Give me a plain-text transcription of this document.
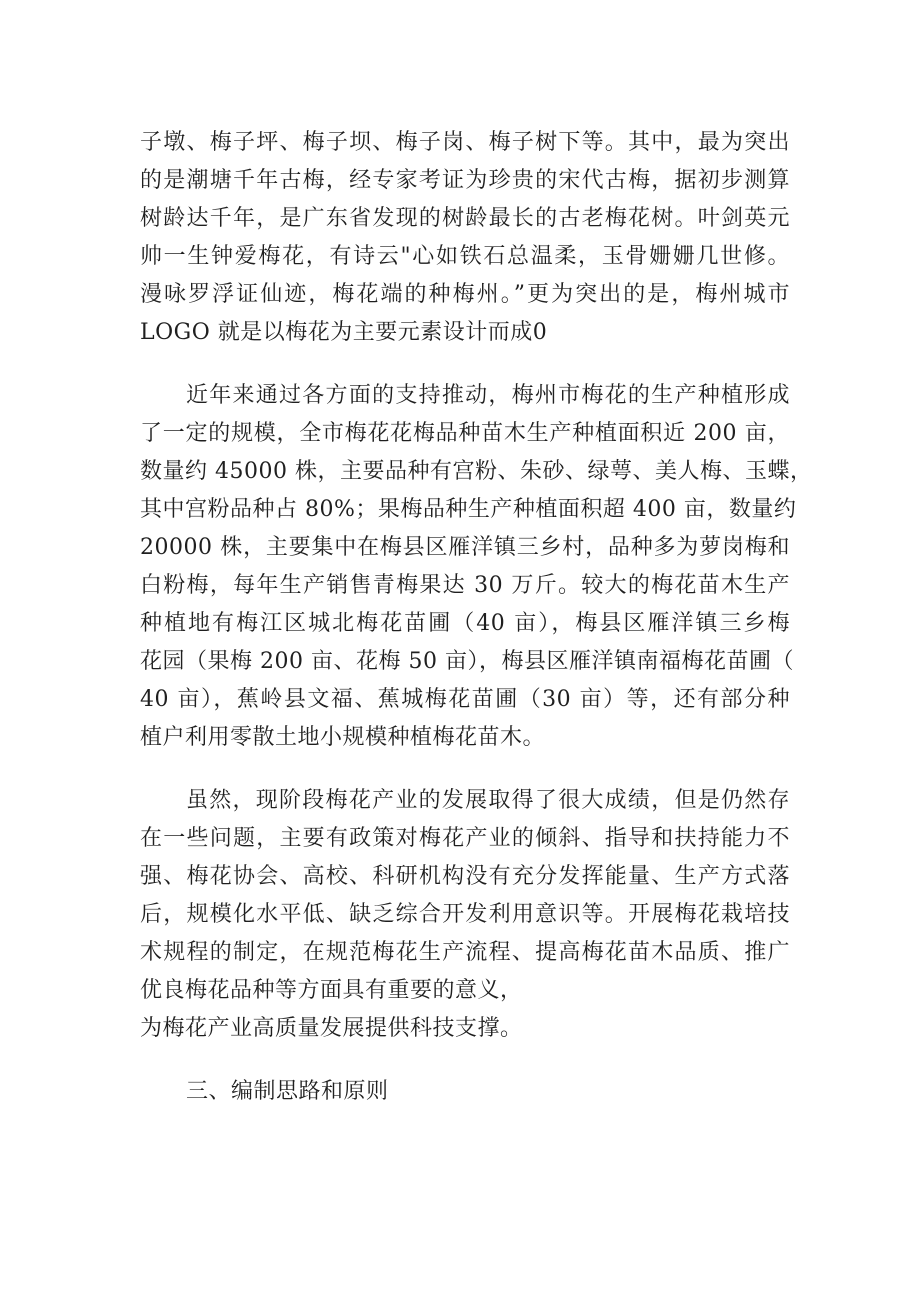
子墩、梅子坪、梅子坝、梅子岗、梅子树下等。其中，最为突出
的是潮塘千年古梅，经专家考证为珍贵的宋代古梅，据初步测算
树龄达千年，是广东省发现的树龄最长的古老梅花树。叶剑英元
帅一生钟爱梅花，有诗云"心如铁石总温柔，玉骨姗姗几世修。
漫咏罗浮证仙迹，梅花端的种梅州。”更为突出的是，梅州城市
LOGO 就是以梅花为主要元素设计而成0
近年来通过各方面的支持推动，梅州市梅花的生产种植形成
了一定的规模，全市梅花花梅品种苗木生产种植面积近 200 亩，
数量约 45000 株，主要品种有宫粉、朱砂、绿萼、美人梅、玉蝶，
其中宫粉品种占 80%；果梅品种生产种植面积超 400 亩，数量约
20000 株，主要集中在梅县区雁洋镇三乡村，品种多为萝岗梅和
白粉梅，每年生产销售青梅果达 30 万斤。较大的梅花苗木生产
种植地有梅江区城北梅花苗圃（40 亩），梅县区雁洋镇三乡梅
花园（果梅 200 亩、花梅 50 亩），梅县区雁洋镇南福梅花苗圃（
40 亩），蕉岭县文福、蕉城梅花苗圃（30 亩）等，还有部分种
植户利用零散土地小规模种植梅花苗木。
虽然，现阶段梅花产业的发展取得了很大成绩，但是仍然存
在一些问题，主要有政策对梅花产业的倾斜、指导和扶持能力不
强、梅花协会、高校、科研机构没有充分发挥能量、生产方式落
后，规模化水平低、缺乏综合开发利用意识等。开展梅花栽培技
术规程的制定，在规范梅花生产流程、提高梅花苗木品质、推广
优良梅花品种等方面具有重要的意义，
为梅花产业高质量发展提供科技支撑。
三、编制思路和原则
